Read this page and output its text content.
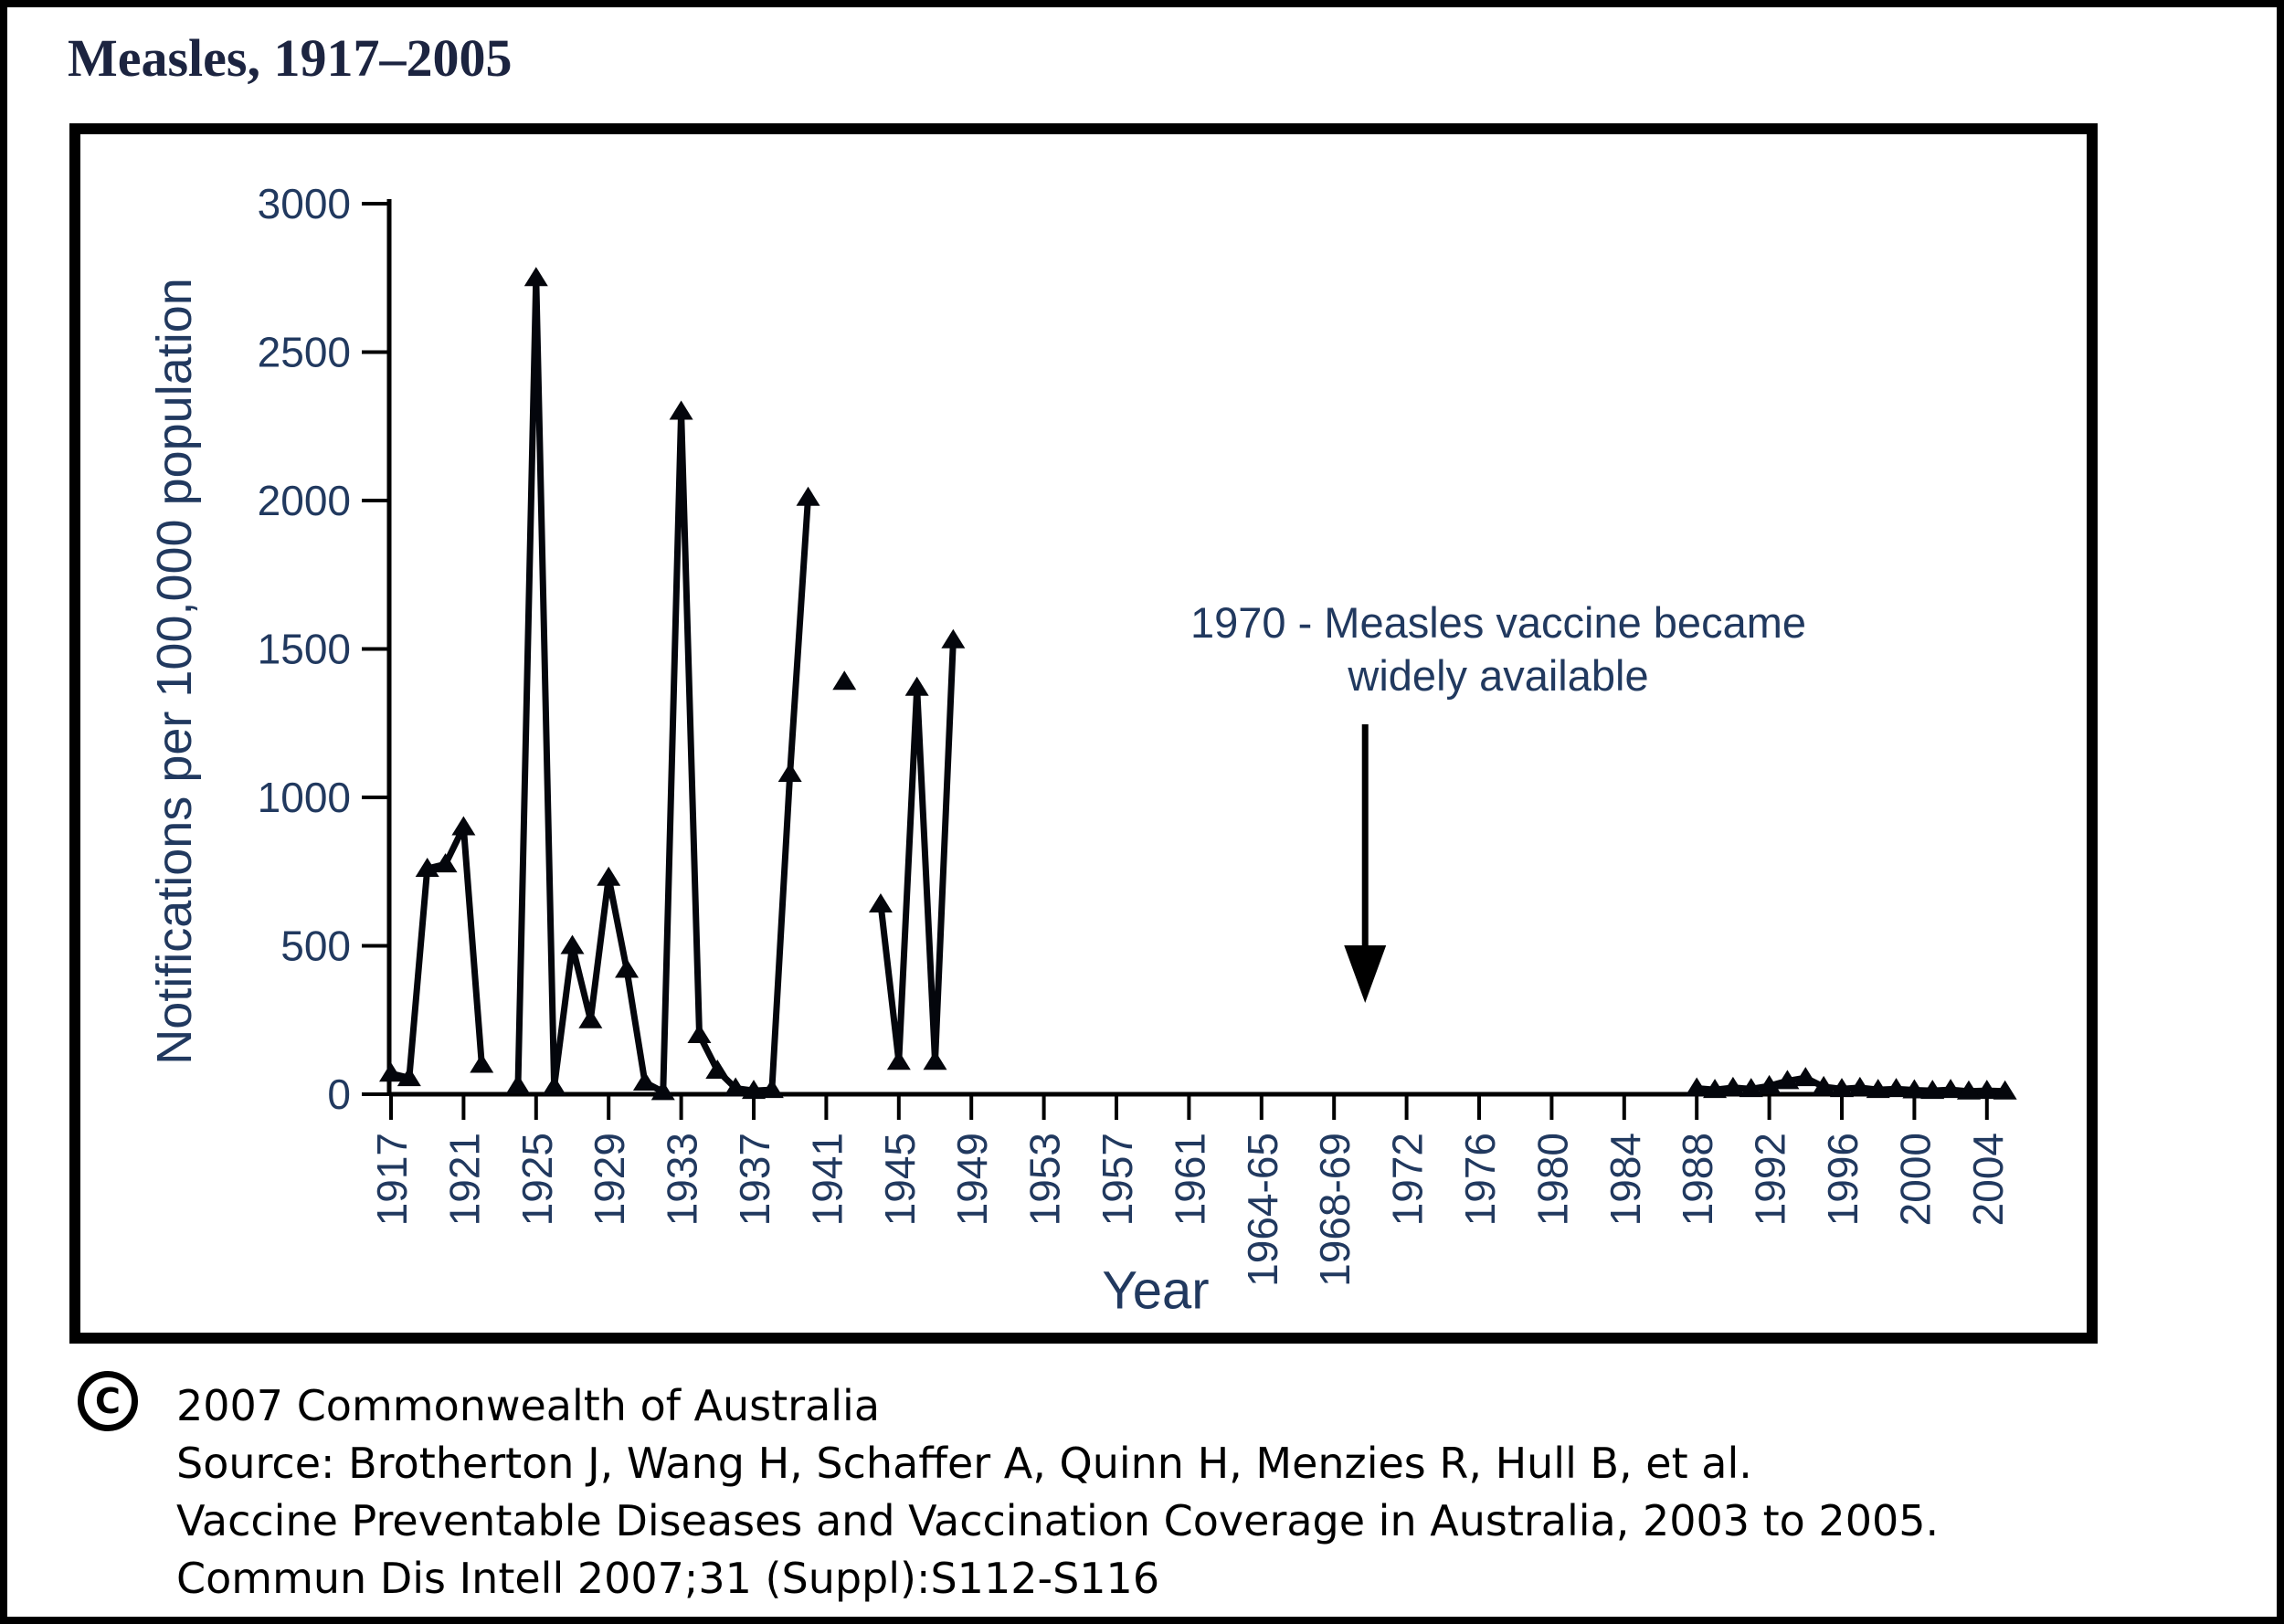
Measles, 1917–2005
0
500
1000
1500
2000
2500
3000
1917 1921 1925 1929 1933 1937 1941 1945 1949 1953 1957 1961 1964-65 1968-69 1972 1976 1980 1984 1988 1992 1996 2000 2004
Notifications per 100,000 population	1970 - Measles vaccine became
widely available
Year
C 2007 Commonwealth of Australia
Source: Brotherton J, Wang H, Schaffer A, Quinn H, Menzies R, Hull B, et al.
Vaccine Preventable Diseases and Vaccination Coverage in Australia, 2003 to 2005.
Commun Dis Intell 2007;31 (Suppl):S112-S116
